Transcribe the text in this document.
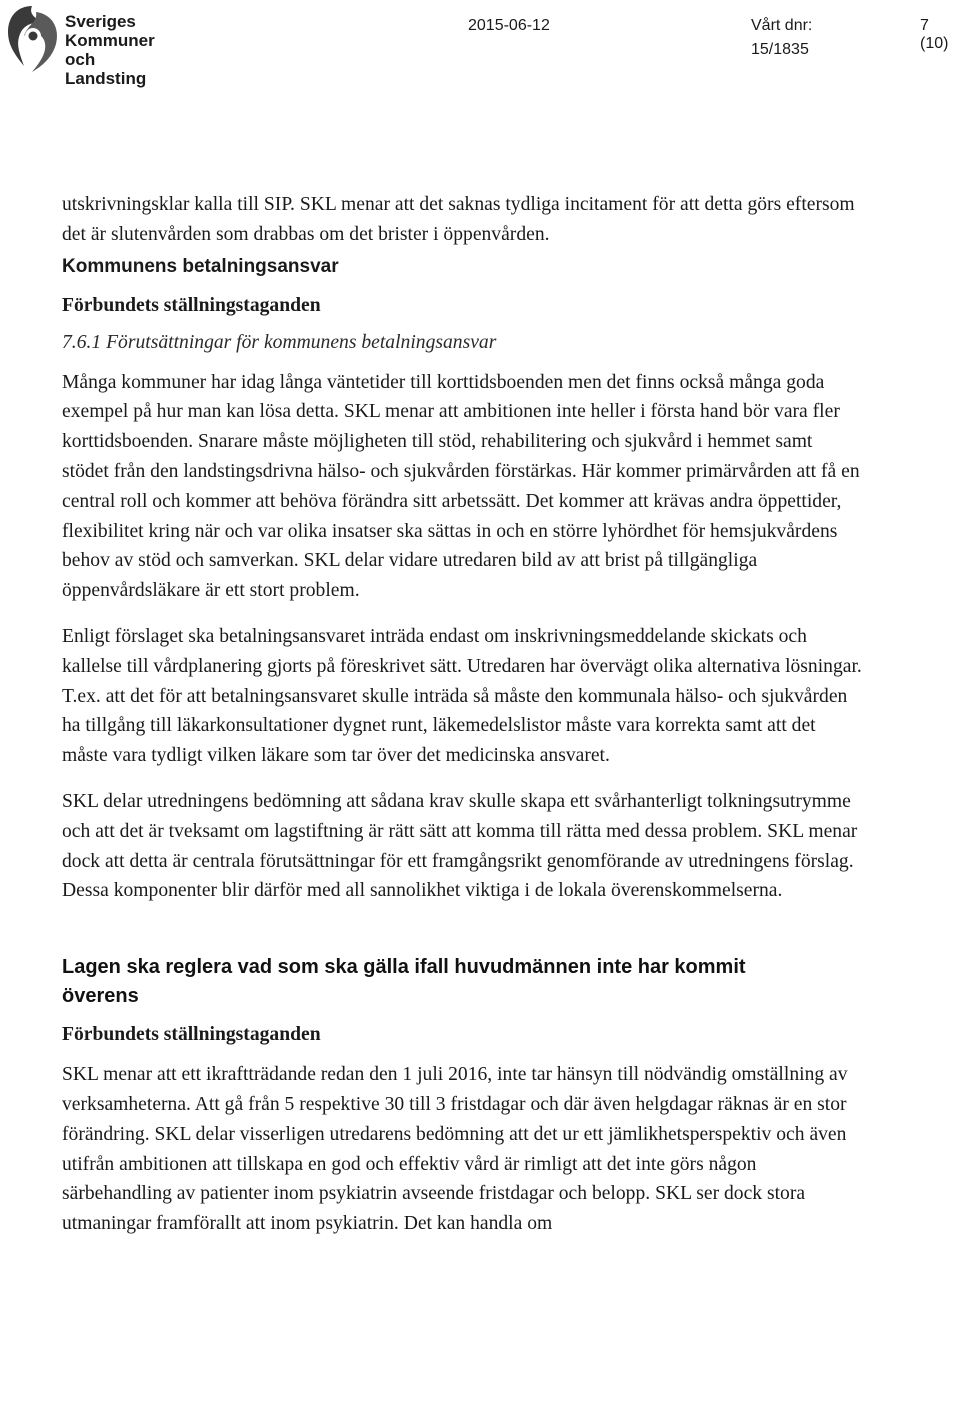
Sveriges
Kommuner
och Landsting
2015-06-12	Vårt dnr:
15/1835
7 (10)

utskrivningsklar kalla till SIP. SKL menar att det saknas tydliga incitament för att detta görs eftersom det är slutenvården som drabbas om det brister i öppenvården.

Kommunens betalningsansvar

Förbundets ställningstaganden

7.6.1 Förutsättningar för kommunens betalningsansvar

Många kommuner har idag långa väntetider till korttidsboenden men det finns också många goda exempel på hur man kan lösa detta. SKL menar att ambitionen inte heller i första hand bör vara fler korttidsboenden. Snarare måste möjligheten till stöd, rehabilitering och sjukvård i hemmet samt stödet från den landstingsdrivna hälso- och sjukvården förstärkas. Här kommer primärvården att få en central roll och kommer att behöva förändra sitt arbetssätt. Det kommer att krävas andra öppettider, flexibilitet kring när och var olika insatser ska sättas in och en större lyhördhet för hemsjukvårdens behov av stöd och samverkan. SKL delar vidare utredaren bild av att brist på tillgängliga öppenvårdsläkare är ett stort problem.

Enligt förslaget ska betalningsansvaret inträda endast om inskrivningsmeddelande skickats och kallelse till vårdplanering gjorts på föreskrivet sätt. Utredaren har övervägt olika alternativa lösningar. T.ex. att det för att betalningsansvaret skulle inträda så måste den kommunala hälso- och sjukvården ha tillgång till läkarkonsultationer dygnet runt, läkemedelslistor måste vara korrekta samt att det måste vara tydligt vilken läkare som tar över det medicinska ansvaret.

SKL delar utredningens bedömning att sådana krav skulle skapa ett svårhanterligt tolkningsutrymme och att det är tveksamt om lagstiftning är rätt sätt att komma till rätta med dessa problem. SKL menar dock att detta är centrala förutsättningar för ett framgångsrikt genomförande av utredningens förslag. Dessa komponenter blir därför med all sannolikhet viktiga i de lokala överenskommelserna.

Lagen ska reglera vad som ska gälla ifall huvudmännen inte har kommit överens

Förbundets ställningstaganden

SKL menar att ett ikraftträdande redan den 1 juli 2016, inte tar hänsyn till nödvändig omställning av verksamheterna. Att gå från 5 respektive 30 till 3 fristdagar och där även helgdagar räknas är en stor förändring. SKL delar visserligen utredarens bedömning att det ur ett jämlikhetsperspektiv och även utifrån ambitionen att tillskapa en god och effektiv vård är rimligt att det inte görs någon särbehandling av patienter inom psykiatrin avseende fristdagar och belopp. SKL ser dock stora utmaningar framförallt att inom psykiatrin. Det kan handla om
